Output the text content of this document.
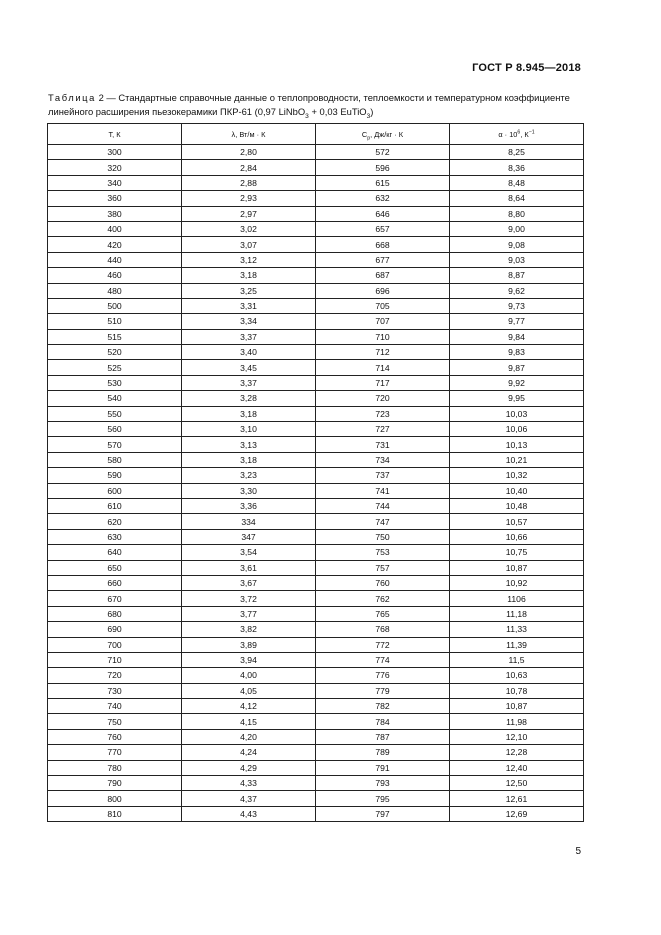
ГОСТ Р 8.945—2018
Таблица 2 — Стандартные справочные данные о теплопроводности, теплоемкости и температурном коэффициенте линейного расширения пьезокерамики ПКР-61 (0,97 LiNbO$_3$ + 0,03 EuTiO$_3$)
T, К	λ, Вт/м · К	$C_p$, Дж/кг · К	$\alpha \cdot 10^6$, $К^{-1}$
300	2,80	572	8,25
320	2,84	596	8,36
340	2,88	615	8,48
360	2,93	632	8,64
380	2,97	646	8,80
400	3,02	657	9,00
420	3,07	668	9,08
440	3,12	677	9,03
460	3,18	687	8,87
480	3,25	696	9,62
500	3,31	705	9,73
510	3,34	707	9,77
515	3,37	710	9,84
520	3,40	712	9,83
525	3,45	714	9,87
530	3,37	717	9,92
540	3,28	720	9,95
550	3,18	723	10,03
560	3,10	727	10,06
570	3,13	731	10,13
580	3,18	734	10,21
590	3,23	737	10,32
600	3,30	741	10,40
610	3,36	744	10,48
620	334	747	10,57
630	347	750	10,66
640	3,54	753	10,75
650	3,61	757	10,87
660	3,67	760	10,92
670	3,72	762	1106
680	3,77	765	11,18
690	3,82	768	11,33
700	3,89	772	11,39
710	3,94	774	11,5
720	4,00	776	10,63
730	4,05	779	10,78
740	4,12	782	10,87
750	4,15	784	11,98
760	4,20	787	12,10
770	4,24	789	12,28
780	4,29	791	12,40
790	4,33	793	12,50
800	4,37	795	12,61
810	4,43	797	12,69
5
